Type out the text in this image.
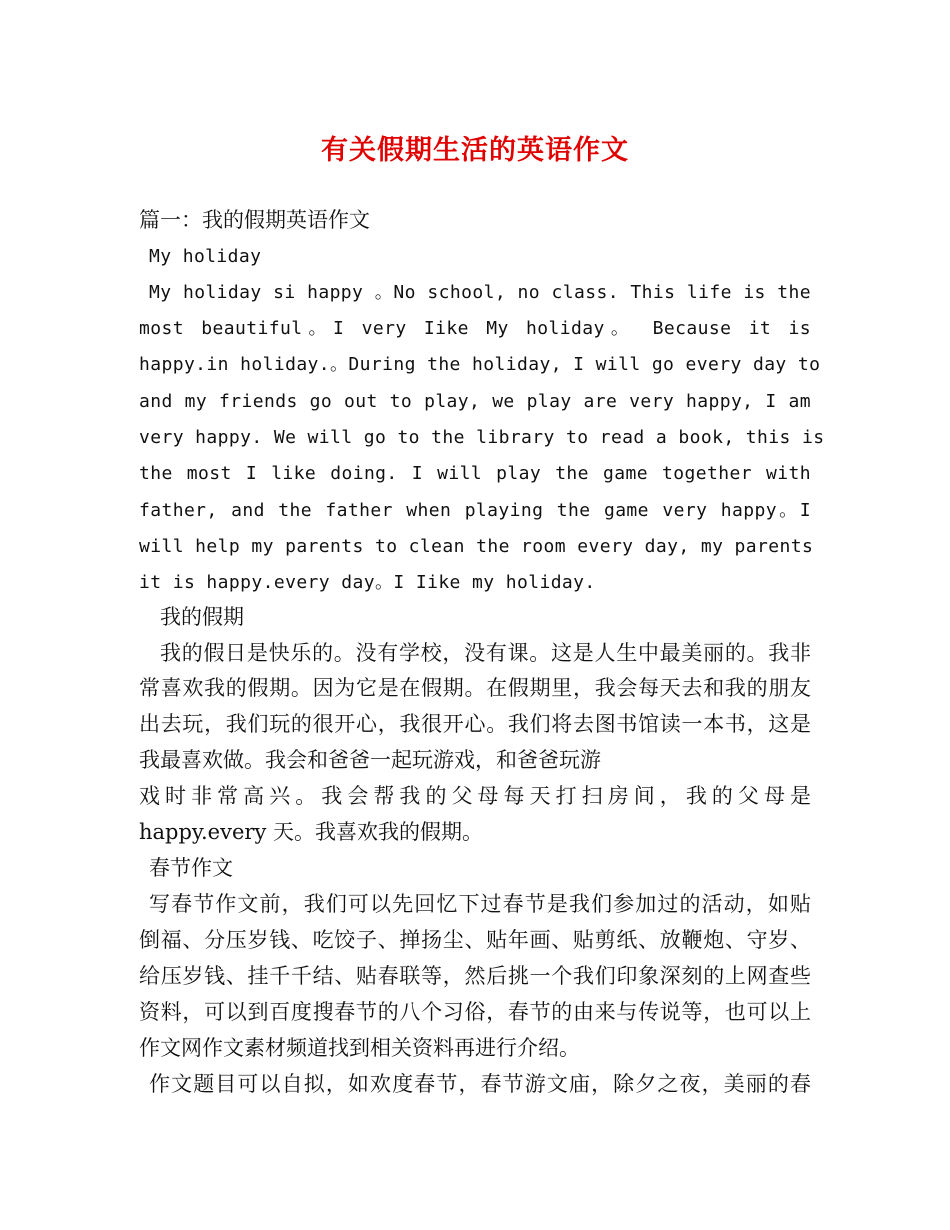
有关假期生活的英语作文
篇一：我的假期英语作文
My holiday
My holiday si happy 。No school, no class. This life is the
most beautiful。I very Iike My holiday。 Because it is
happy.in holiday.。During the holiday, I will go every day to
and my friends go out to play, we play are very happy, I am
very happy. We will go to the library to read a book, this is
the most I like doing. I will play the game together with
father, and the father when playing the game very happy。I
will help my parents to clean the room every day, my parents
it is happy.every day。I Iike my holiday.
我的假期
我的假日是快乐的。没有学校，没有课。这是人生中最美丽的。我非
常喜欢我的假期。因为它是在假期。在假期里，我会每天去和我的朋友
出去玩，我们玩的很开心，我很开心。我们将去图书馆读一本书，这是
我最喜欢做。我会和爸爸一起玩游戏，和爸爸玩游
戏时非常高兴。我会帮我的父母每天打扫房间，我的父母是
happy.every 天。我喜欢我的假期。
春节作文
写春节作文前，我们可以先回忆下过春节是我们参加过的活动，如贴
倒福、分压岁钱、吃饺子、掸扬尘、贴年画、贴剪纸、放鞭炮、守岁、
给压岁钱、挂千千结、贴春联等，然后挑一个我们印象深刻的上网查些
资料，可以到百度搜春节的八个习俗，春节的由来与传说等，也可以上
作文网作文素材频道找到相关资料再进行介绍。
作文题目可以自拟，如欢度春节，春节游文庙，除夕之夜，美丽的春
